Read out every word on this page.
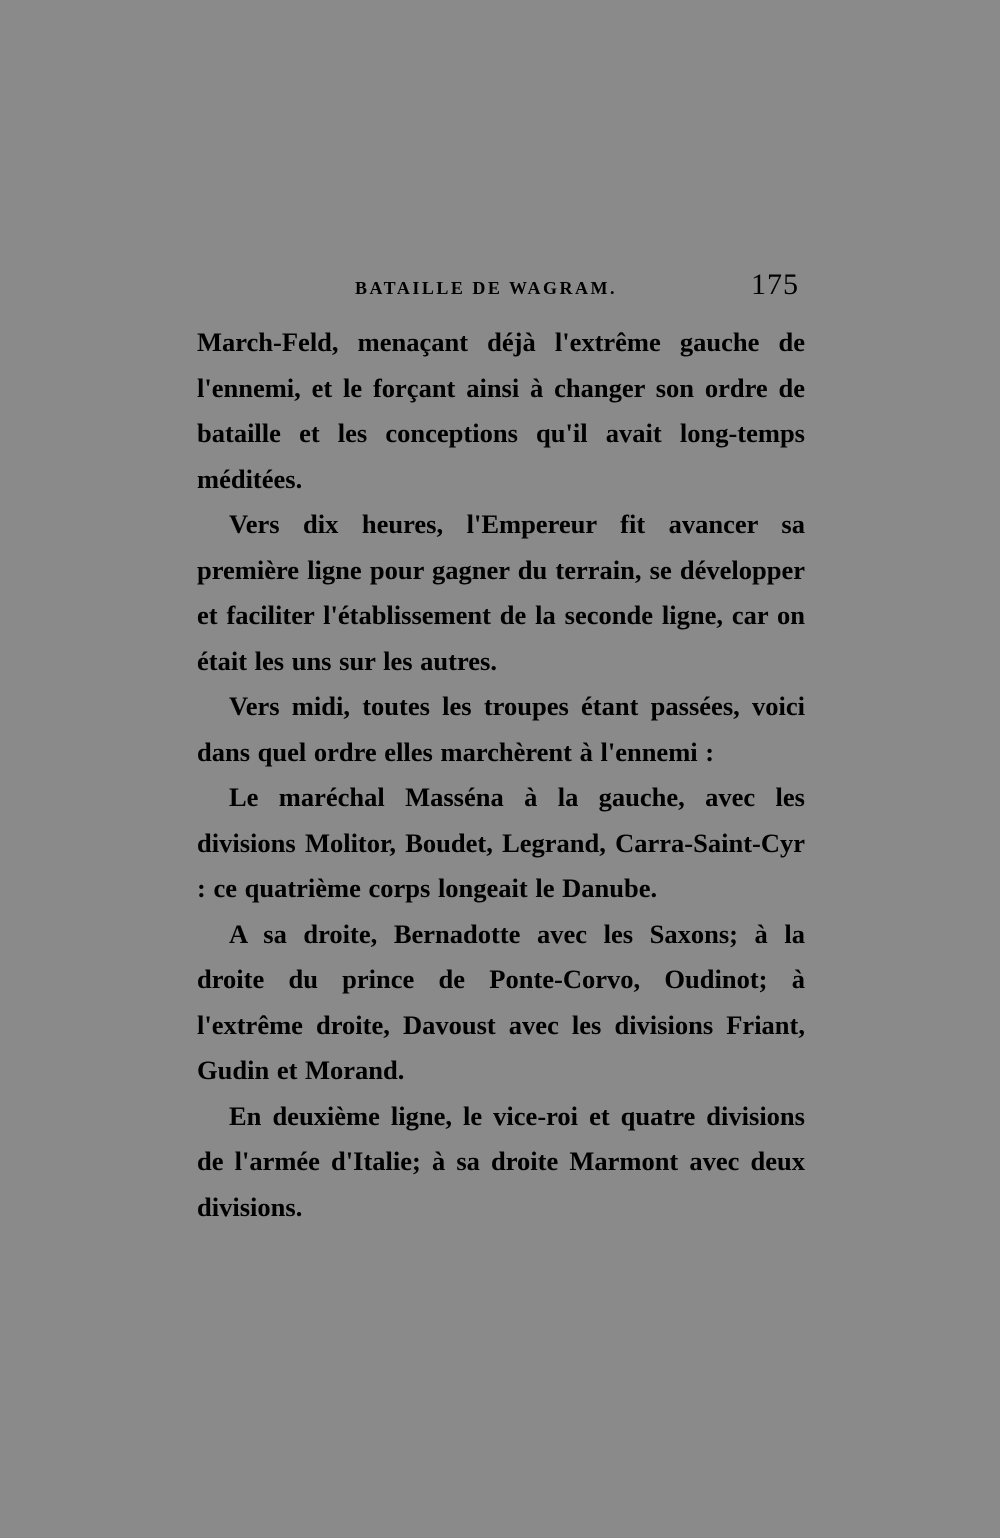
BATAILLE DE WAGRAM.	175

March-Feld, menaçant déjà l'extrême gauche de l'ennemi, et le forçant ainsi à changer son ordre de bataille et les conceptions qu'il avait long-temps méditées.

Vers dix heures, l'Empereur fit avancer sa première ligne pour gagner du terrain, se développer et faciliter l'établissement de la seconde ligne, car on était les uns sur les autres.

Vers midi, toutes les troupes étant passées, voici dans quel ordre elles marchèrent à l'ennemi :

Le maréchal Masséna à la gauche, avec les divisions Molitor, Boudet, Legrand, Carra-Saint-Cyr : ce quatrième corps longeait le Danube.

A sa droite, Bernadotte avec les Saxons; à la droite du prince de Ponte-Corvo, Oudinot; à l'extrême droite, Davoust avec les divisions Friant, Gudin et Morand.

En deuxième ligne, le vice-roi et quatre divisions de l'armée d'Italie; à sa droite Marmont avec deux divisions.
